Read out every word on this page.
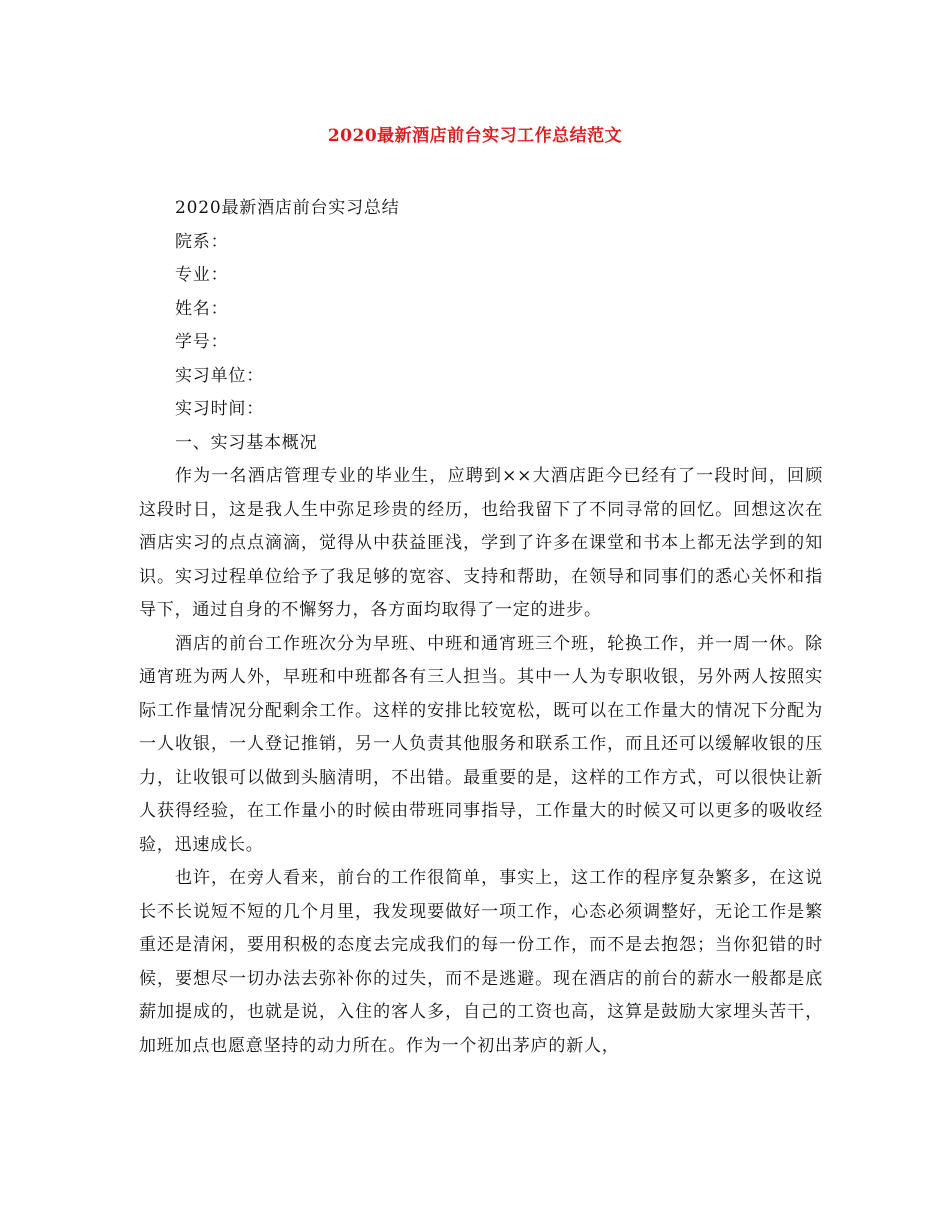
2020最新酒店前台实习工作总结范文
2020最新酒店前台实习总结
院系：
专业：
姓名：
学号：
实习单位：
实习时间：
一、实习基本概况

作为一名酒店管理专业的毕业生，应聘到××大酒店距今已经有了一段时间，回顾这段时日，这是我人生中弥足珍贵的经历，也给我留下了不同寻常的回忆。回想这次在酒店实习的点点滴滴，觉得从中获益匪浅，学到了许多在课堂和书本上都无法学到的知识。实习过程单位给予了我足够的宽容、支持和帮助，在领导和同事们的悉心关怀和指导下，通过自身的不懈努力，各方面均取得了一定的进步。

酒店的前台工作班次分为早班、中班和通宵班三个班，轮换工作，并一周一休。除通宵班为两人外，早班和中班都各有三人担当。其中一人为专职收银，另外两人按照实际工作量情况分配剩余工作。这样的安排比较宽松，既可以在工作量大的情况下分配为一人收银，一人登记推销，另一人负责其他服务和联系工作，而且还可以缓解收银的压力，让收银可以做到头脑清明，不出错。最重要的是，这样的工作方式，可以很快让新人获得经验，在工作量小的时候由带班同事指导，工作量大的时候又可以更多的吸收经验，迅速成长。

也许，在旁人看来，前台的工作很简单，事实上，这工作的程序复杂繁多，在这说长不长说短不短的几个月里，我发现要做好一项工作，心态必须调整好，无论工作是繁重还是清闲，要用积极的态度去完成我们的每一份工作，而不是去抱怨；当你犯错的时候，要想尽一切办法去弥补你的过失，而不是逃避。现在酒店的前台的薪水一般都是底薪加提成的，也就是说，入住的客人多，自己的工资也高，这算是鼓励大家埋头苦干，加班加点也愿意坚持的动力所在。作为一个初出茅庐的新人，
